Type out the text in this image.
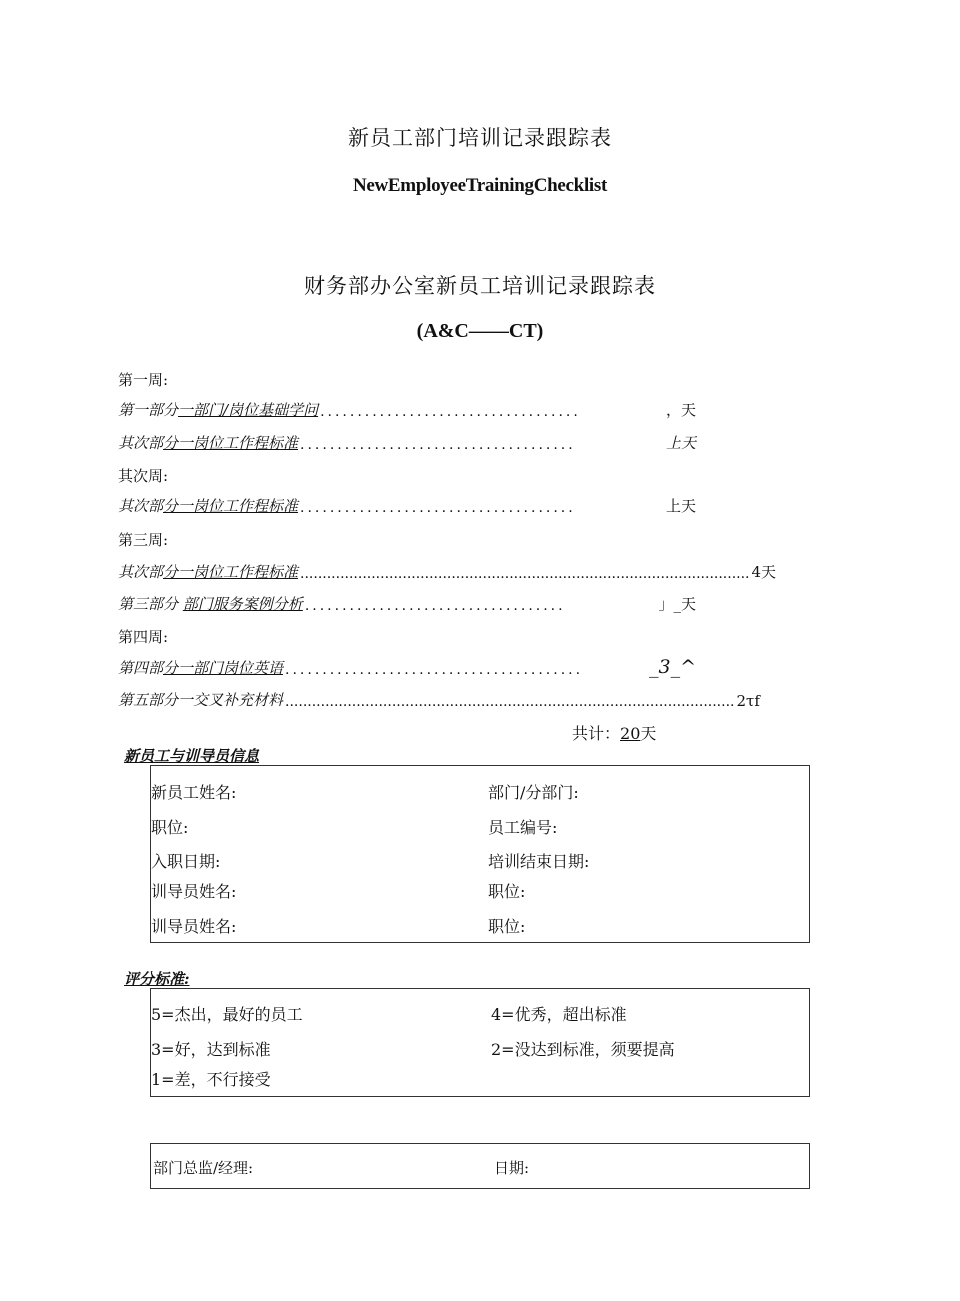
新员工部门培训记录跟踪表
NewEmployeeTrainingChecklist
财务部办公室新员工培训记录跟踪表
(A&C——CT)
第一周:
第一部分一部门/岗位基础学问 ...................................	，天
其次部分一岗位工作程标准 .....................................	上天
其次周:
其次部分一岗位工作程标准 .....................................	上天
第三周:
其次部分一岗位工作程标准 ..................................................................................................... 4天
第三部分 部门服务案例分析 ...................................	」_天
第四周:
第四部分一部门岗位英语 ........................................	_3_^
第五部分一交叉补充材料 ..................................................................................................... 2τf
共计：20天
新员工与训导员信息
新员工姓名:	部门/分部门:
职位:	员工编号:
入职日期:	培训结束日期:
训导员姓名:	职位:
训导员姓名:	职位:
评分标准:
5=杰出，最好的员工	4=优秀，超出标准
3=好，达到标准	2=没达到标准，须要提高
1=差，不行接受
部门总监/经理:	日期:
